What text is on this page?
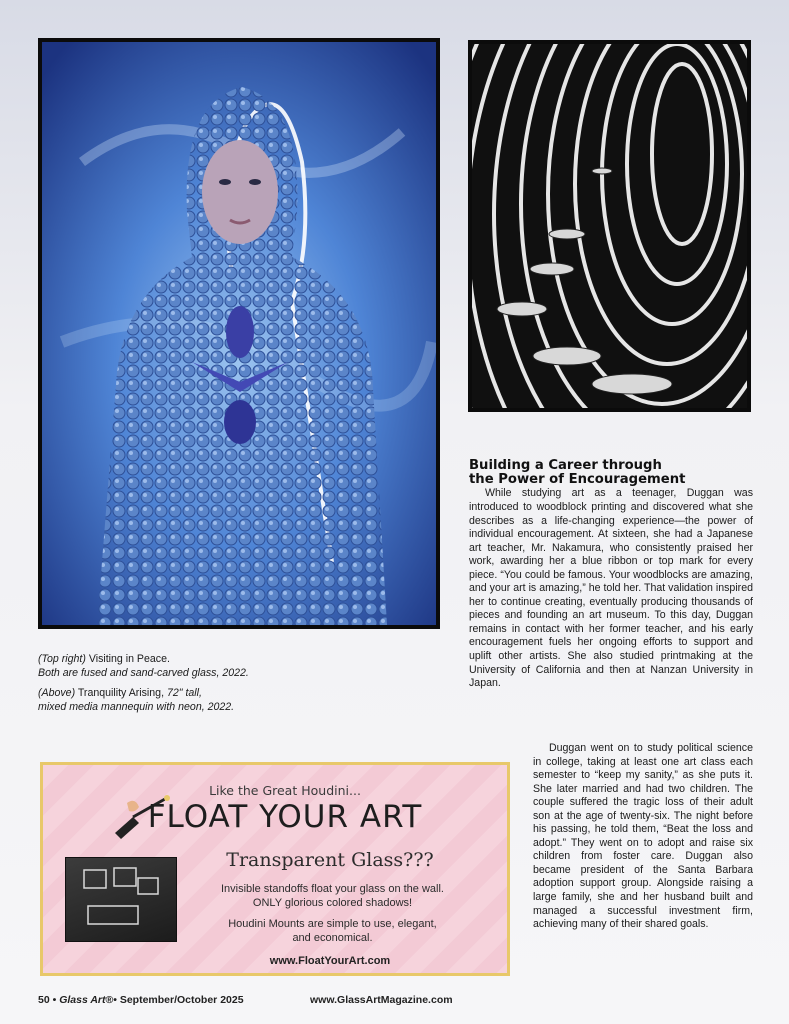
(Top right) Visiting in Peace.
Both are fused and sand-carved glass, 2022.
(Above) Tranquility Arising, 72" tall,
mixed media mannequin with neon, 2022.
Building a Career through
the Power of Encouragement

While studying art as a teenager, Duggan was introduced to woodblock printing and discovered what she describes as a life-changing experience—the power of individual encouragement. At sixteen, she had a Japanese art teacher, Mr. Nakamura, who consistently praised her work, awarding her a blue ribbon or top mark for every piece. “You could be famous. Your woodblocks are amazing, and your art is amazing,” he told her. That validation inspired her to continue creating, eventually producing thousands of pieces and founding an art museum. To this day, Duggan remains in contact with her former teacher, and his early encouragement fuels her ongoing efforts to support and uplift other artists. She also studied printmaking at the University of California and then at Nanzan University in Japan.

Duggan went on to study political science in college, taking at least one art class each semester to “keep my sanity,” as she puts it. She later married and had two children. The couple suffered the tragic loss of their adult son at the age of twenty-six. The night before his passing, he told them, “Beat the loss and adopt.” They went on to adopt and raise six children from foster care. Duggan also became president of the Santa Barbara adoption support group. Alongside raising a large family, she and her husband built and managed a successful investment firm, achieving many of their shared goals.

Like the Great Houdini...
FLOAT YOUR ART
Transparent Glass???
Invisible standoffs float your glass on the wall.
ONLY glorious colored shadows!
Houdini Mounts are simple to use, elegant,
and economical.
www.FloatYourArt.com
50 • Glass Art®• September/October 2025	www.GlassArtMagazine.com
